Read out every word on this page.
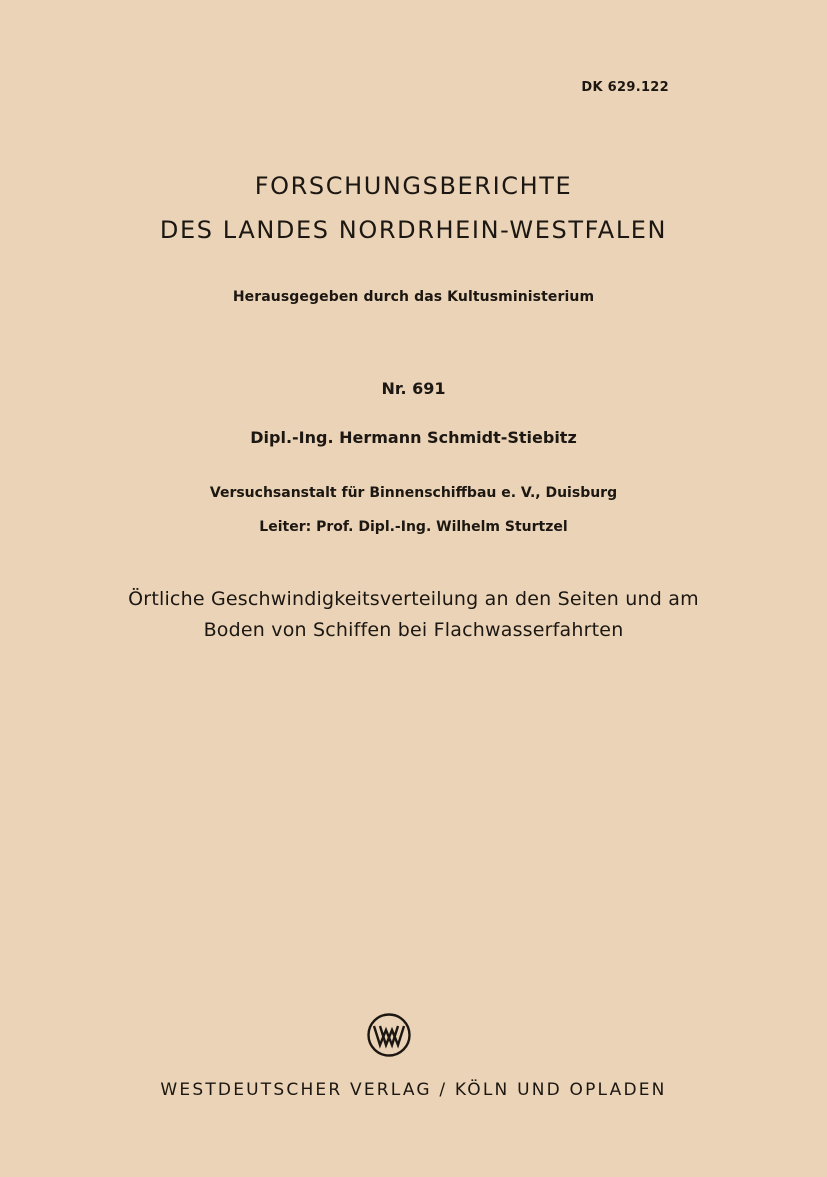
DK 629.122
FORSCHUNGSBERICHTE
DES LANDES NORDRHEIN-WESTFALEN
Herausgegeben durch das Kultusministerium
Nr. 691
Dipl.-Ing. Hermann Schmidt-Stiebitz
Versuchsanstalt für Binnenschiffbau e. V., Duisburg
Leiter: Prof. Dipl.-Ing. Wilhelm Sturtzel
Örtliche Geschwindigkeitsverteilung an den Seiten und am
Boden von Schiffen bei Flachwasserfahrten
WESTDEUTSCHER VERLAG / KÖLN UND OPLADEN
